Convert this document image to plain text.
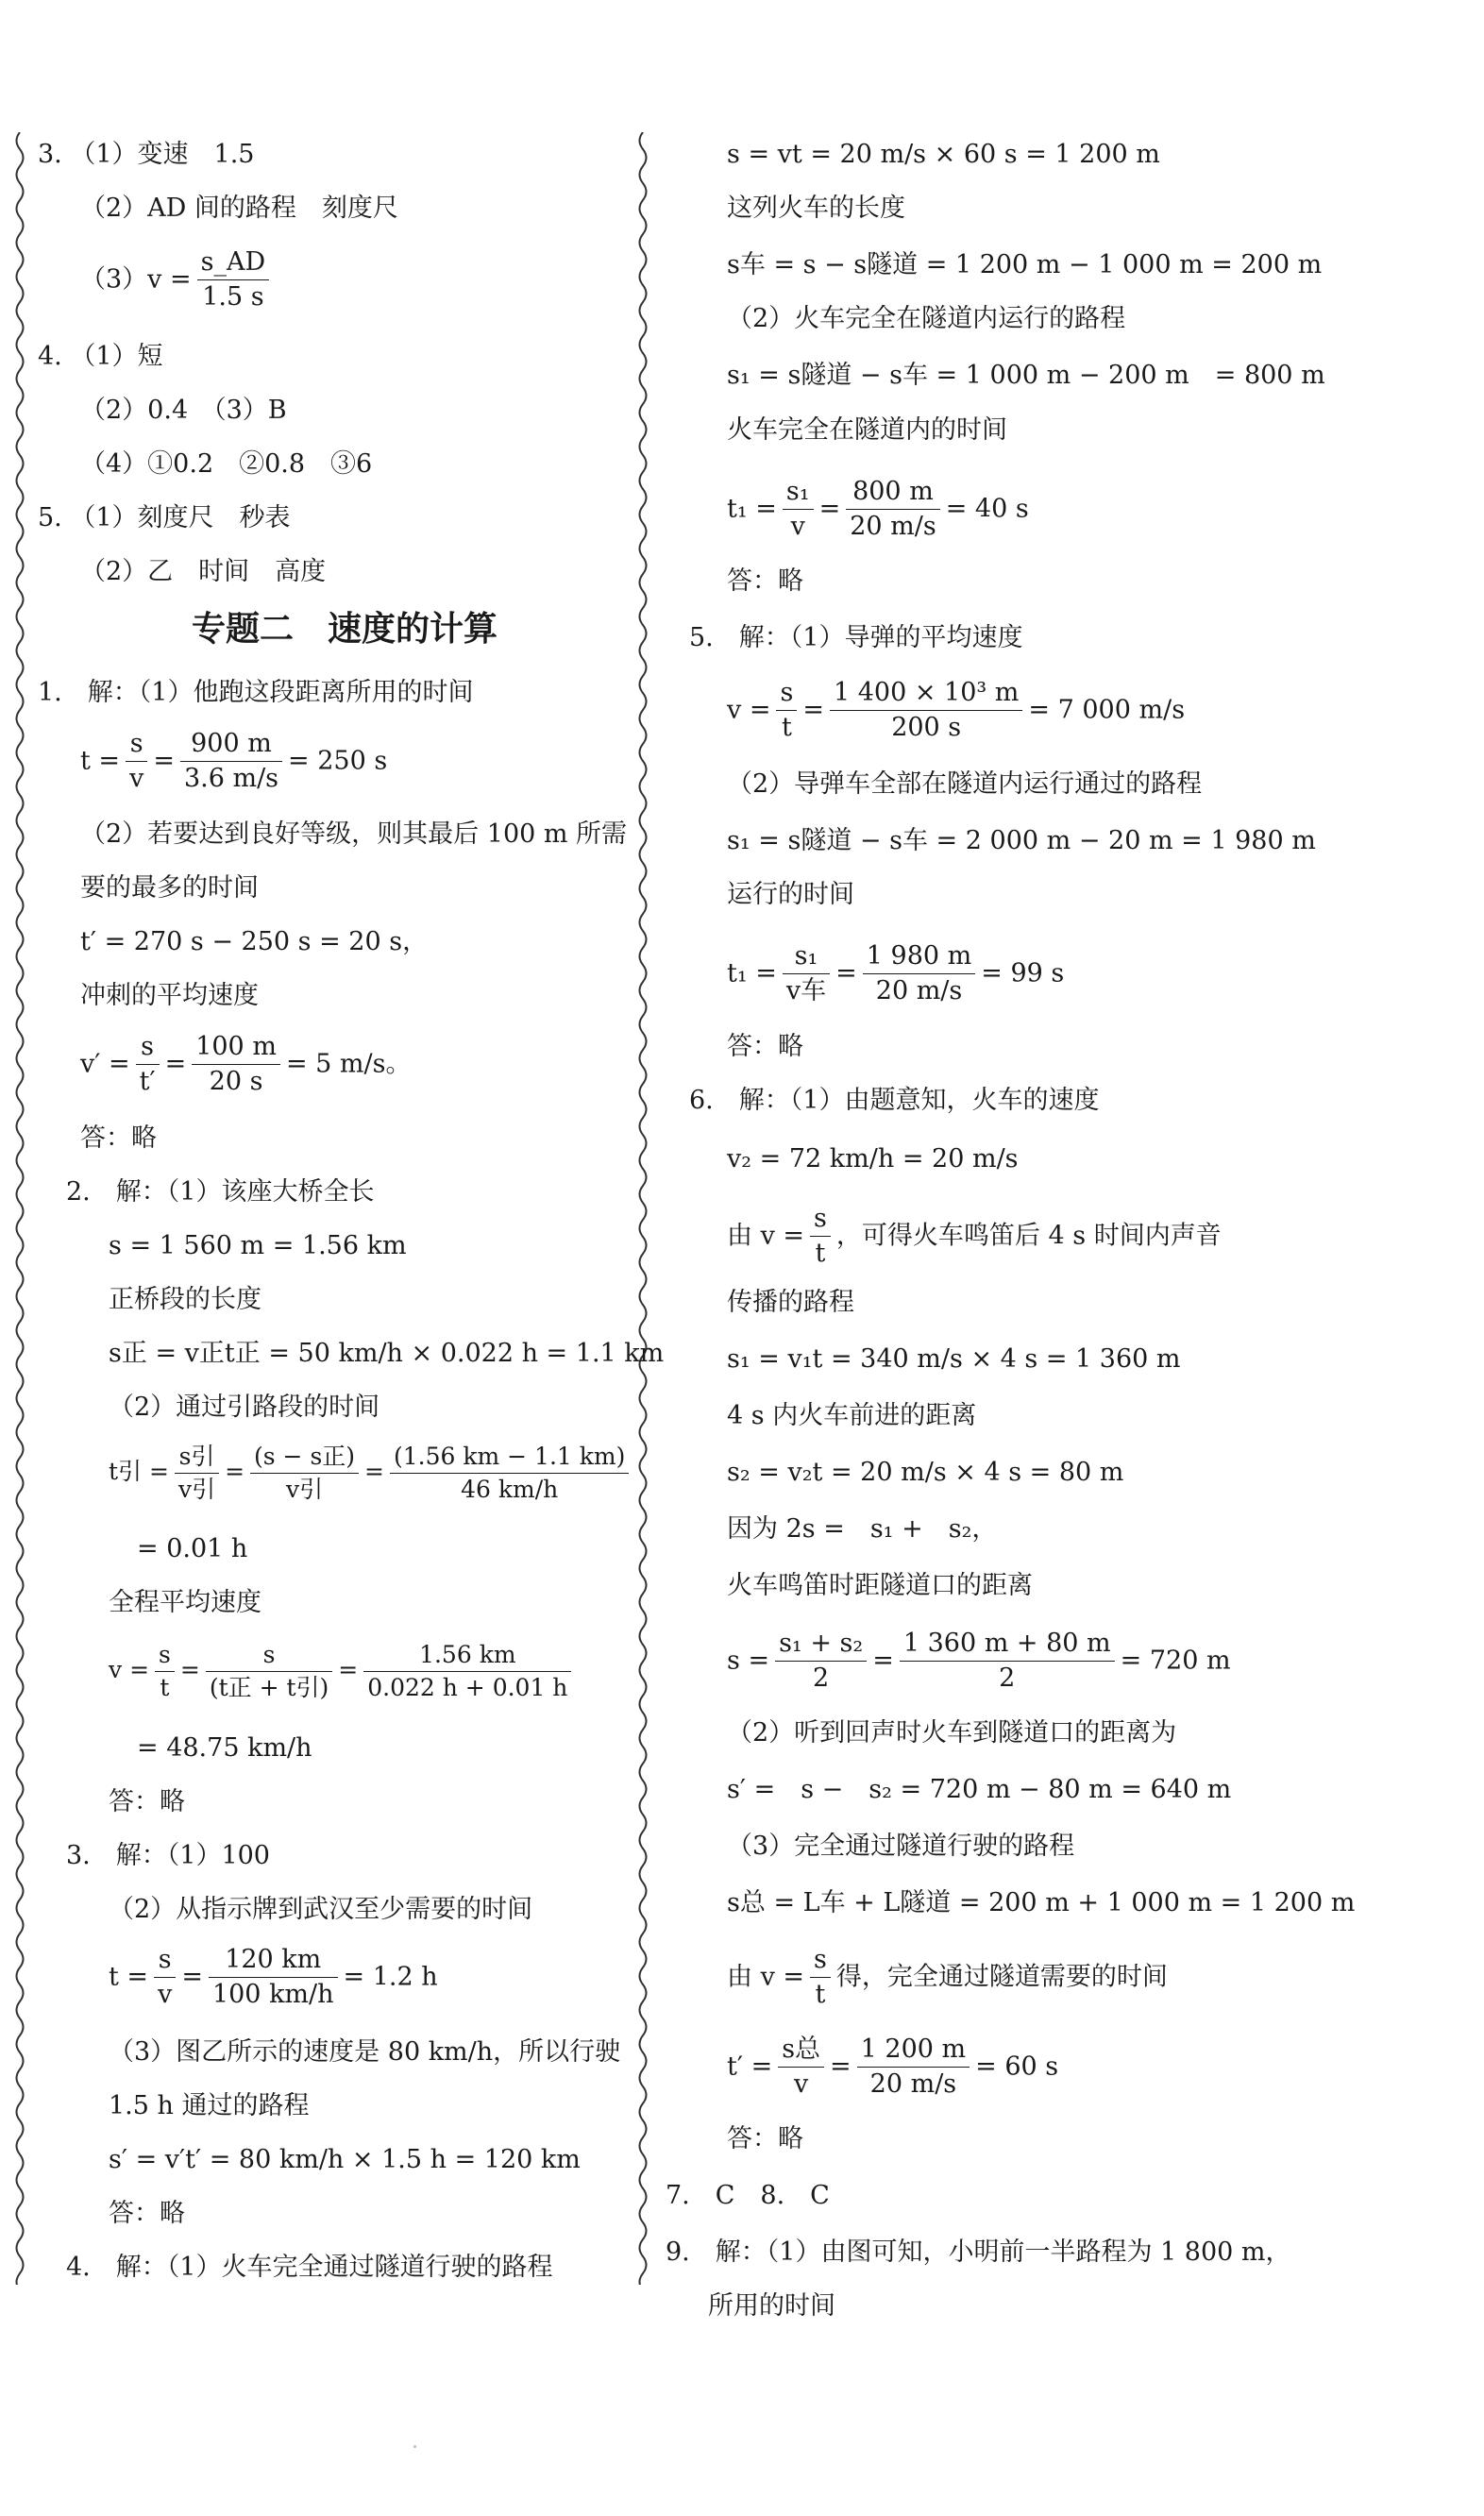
3. （1）变速　1.5
（2）AD 间的路程　刻度尺
$(3)v = \frac{s\_AD}{1.5 s}$
4. （1）短
（2）0.4　（3）B
（4）①0.2　②0.8　③6
5. （1）刻度尺　秒表
（2）乙　时间　高度
专题二　速度的计算
1.　解：（1）他跑这段距离所用的时间
$t = \frac{s}{v} = \frac{900 m}{3.6 m/s} = 250$ s
（2）若要达到良好等级，则其最后 100 m 所需
要的最多的时间
t′ = 270 s − 250 s = 20 s，
冲刺的平均速度
$v' = \frac{s}{t'} = \frac{100 m}{20 s} = 5$ m/s。
答：略
2.　解：（1）该座大桥全长
s = 1 560 m = 1.56 km
正桥段的长度
s正 = v正t正 = 50 km/h × 0.022 h = 1.1 km
（2）通过引路段的时间
t引 = $\frac{\text{s引}}{\text{v引}} = \frac{\text{(s − s正)}}{\text{v引}} = \frac{(1.56 km - 1.1 km)}{46 km/h}$
= 0.01 h
全程平均速度
$v = \frac{s}{t} = \frac{s}{\text{(t正 + t引)}} = \frac{1.56 km}{0.022 h + 0.01 h}$
= 48.75 km/h
答：略
3.　解：（1）100
（2）从指示牌到武汉至少需要的时间
$t = \frac{s}{v} = \frac{120 km}{100 km/h} = 1.2$ h
（3）图乙所示的速度是 80 km/h，所以行驶
1.5 h 通过的路程
s′ = v′t′ = 80 km/h × 1.5 h = 120 km
答：略
4.　解：（1）火车完全通过隧道行驶的路程
s = vt = 20 m/s × 60 s = 1 200 m
这列火车的长度
s车 = s − s隧道 = 1 200 m − 1 000 m = 200 m
（2）火车完全在隧道内运行的路程
s₁ = s隧道 − s车 = 1 000 m − 200 m　= 800 m
火车完全在隧道内的时间
$t_1 = \frac{\text{s₁}}{v} = \frac{800 m}{20 m/s} = 40$ s
答：略
5.　解：（1）导弹的平均速度
$v = \frac{s}{t} = \frac{\text{1 400 × 10³ m}}{200 s} = 7$ 000 m/s
（2）导弹车全部在隧道内运行通过的路程
s₁ = s隧道 − s车 = 2 000 m − 20 m = 1 980 m
运行的时间
$t_1 = \frac{\text{s₁}}{\text{v车}} = \frac{1 980 m}{20 m/s} = 99$ s
答：略
6.　解：（1）由题意知，火车的速度
v₂ = 72 km/h = 20 m/s
由 $v = \frac{s}{t}$ ，可得火车鸣笛后 4 s 时间内声音
传播的路程
s₁ = v₁t = 340 m/s × 4 s = 1 360 m
4 s 内火车前进的距离
s₂ = v₂t = 20 m/s × 4 s = 80 m
因为 2s =　s₁ +　s₂，
火车鸣笛时距隧道口的距离
$s = \frac{\text{s₁ + s₂}}{2} = \frac{1 360 m + 80 m}{2} = 720$ m
（2）听到回声时火车到隧道口的距离为
s′ =　s −　s₂ = 720 m − 80 m = 640 m
（3）完全通过隧道行驶的路程
s总 = L车 + L隧道 = 200 m + 1 000 m = 1 200 m
由 $v = \frac{s}{t}$ 得，完全通过隧道需要的时间
$t' = \frac{\text{s总}}{v} = \frac{1 200 m}{20 m/s} = 60$ s
答：略
7.　C　8.　C
9.　解：（1）由图可知，小明前一半路程为 1 800 m，
所用的时间
